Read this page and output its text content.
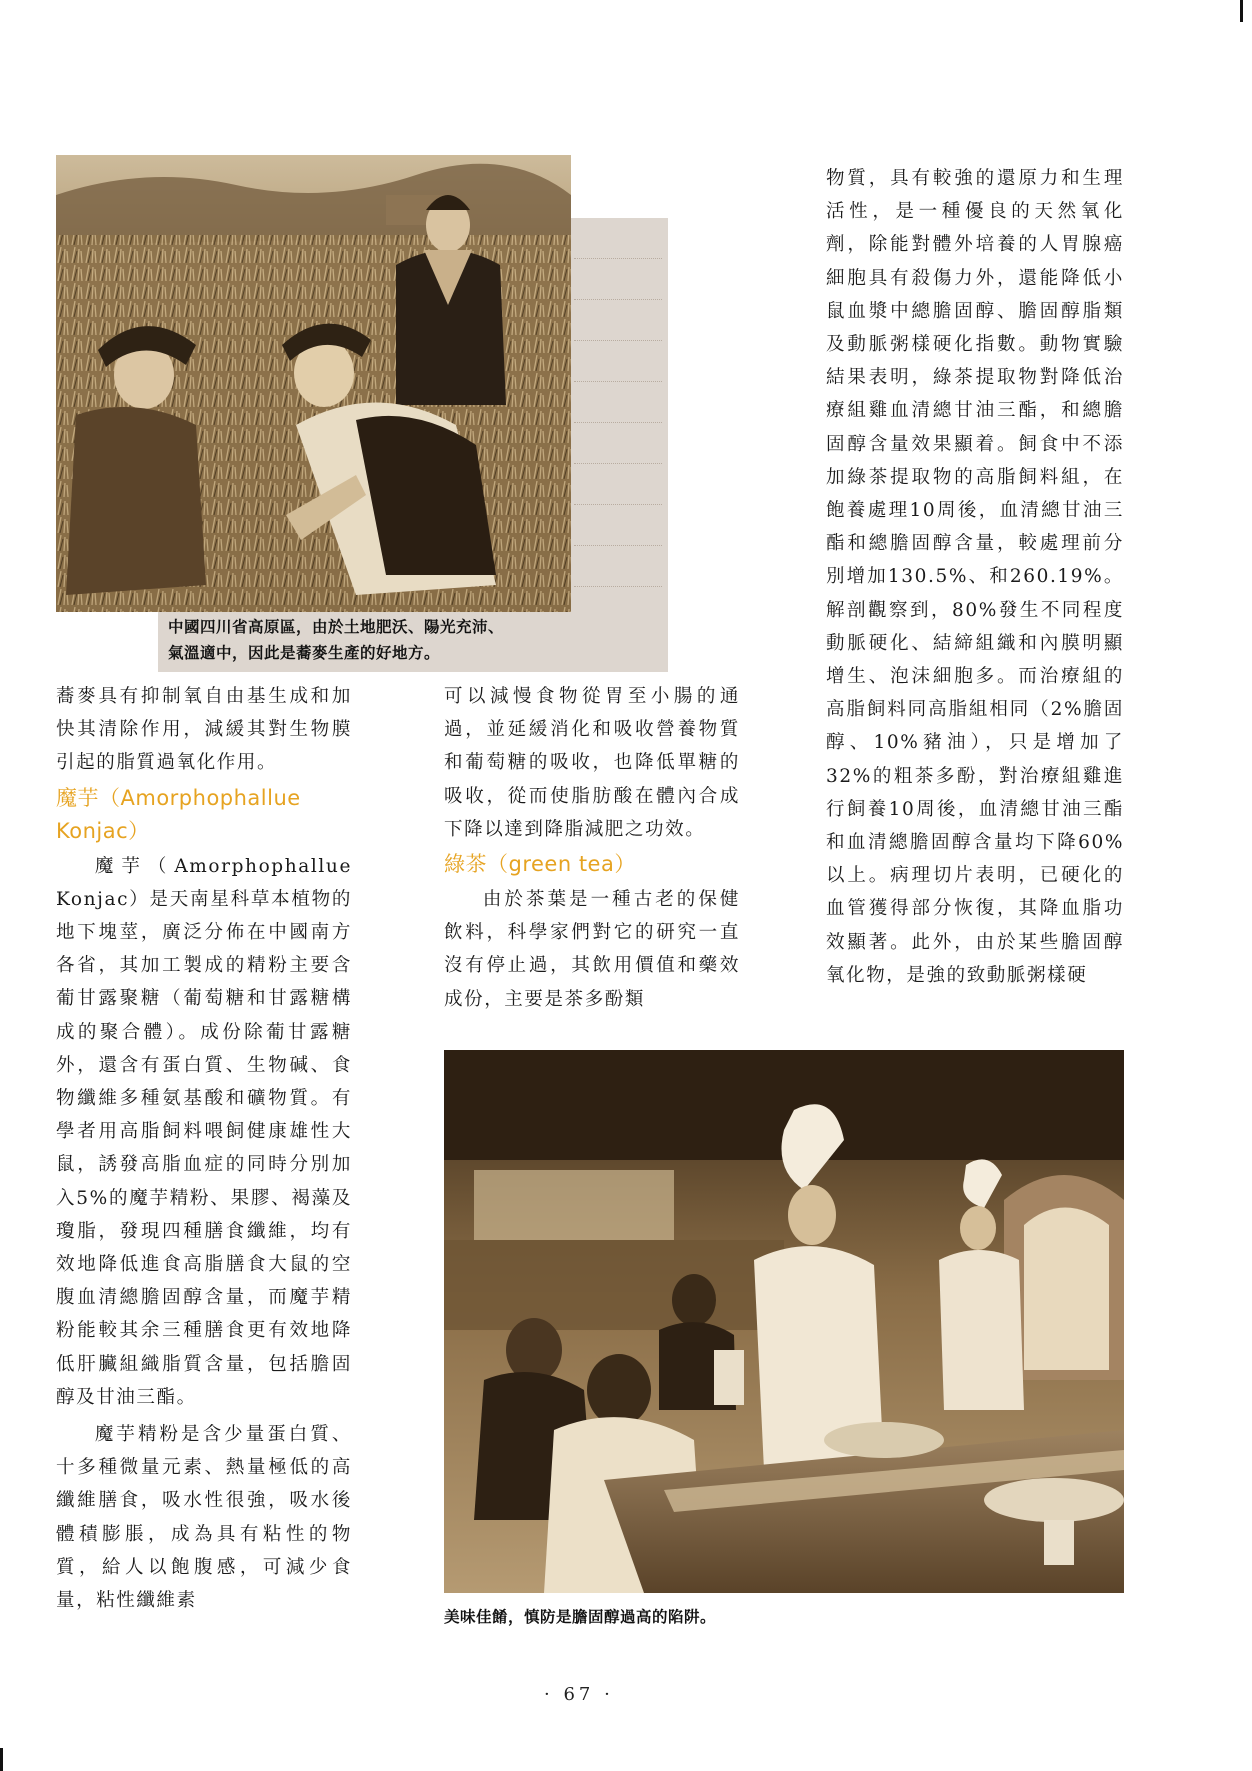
中國四川省高原區，由於土地肥沃、陽光充沛、
氣溫適中，因此是蕎麥生產的好地方。

蕎麥具有抑制氧自由基生成和加快其清除作用，減緩其對生物膜引起的脂質過氧化作用。

魔芋（Amorphophallue Konjac）

魔芋（Amorphophallue Konjac）是天南星科草本植物的地下塊莖，廣泛分佈在中國南方各省，其加工製成的精粉主要含葡甘露聚糖（葡萄糖和甘露糖構成的聚合體）。成份除葡甘露糖外，還含有蛋白質、生物碱、食物纖維多種氨基酸和礦物質。有學者用高脂飼料喂飼健康雄性大鼠，誘發高脂血症的同時分別加入5%的魔芋精粉、果膠、褐藻及瓊脂，發現四種膳食纖維，均有效地降低進食高脂膳食大鼠的空腹血清總膽固醇含量，而魔芋精粉能較其余三種膳食更有效地降低肝臟組織脂質含量，包括膽固醇及甘油三酯。

魔芋精粉是含少量蛋白質、十多種微量元素、熱量極低的高纖維膳食，吸水性很強，吸水後體積膨脹，成為具有粘性的物質，給人以飽腹感，可減少食量，粘性纖維素

可以減慢食物從胃至小腸的通過，並延緩消化和吸收營養物質和葡萄糖的吸收，也降低單糖的吸收，從而使脂肪酸在體內合成下降以達到降脂減肥之功效。

綠茶（green tea）

由於茶葉是一種古老的保健飲料，科學家們對它的研究一直沒有停止過，其飲用價值和藥效成份，主要是茶多酚類

物質，具有較強的還原力和生理活性，是一種優良的天然氧化劑，除能對體外培養的人胃腺癌細胞具有殺傷力外，還能降低小鼠血漿中總膽固醇、膽固醇脂類及動脈粥樣硬化指數。動物實驗結果表明，綠茶提取物對降低治療組雞血清總甘油三酯，和總膽固醇含量效果顯着。飼食中不添加綠茶提取物的高脂飼料組，在飽養處理10周後，血清總甘油三酯和總膽固醇含量，較處理前分別增加130.5%、和260.19%。解剖觀察到，80%發生不同程度動脈硬化、結締組織和內膜明顯增生、泡沫細胞多。而治療組的高脂飼料同高脂組相同（2%膽固醇、10%豬油），只是增加了32%的粗茶多酚，對治療組雞進行飼養10周後，血清總甘油三酯和血清總膽固醇含量均下降60%以上。病理切片表明，已硬化的血管獲得部分恢復，其降血脂功效顯著。此外，由於某些膽固醇氧化物，是強的致動脈粥樣硬

美味佳餚，慎防是膽固醇過高的陷阱。
· 67 ·
